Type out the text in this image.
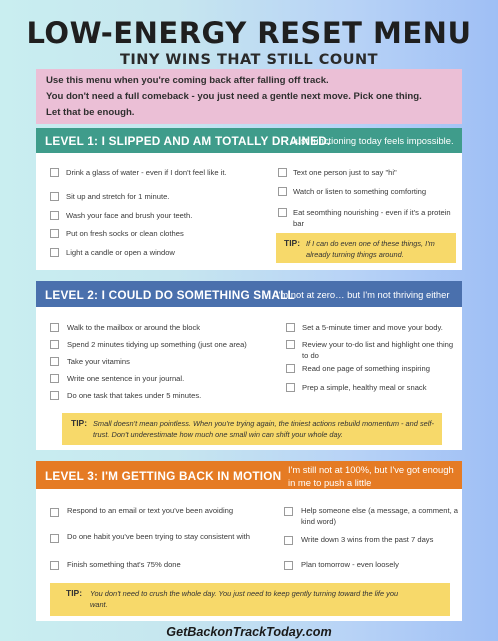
LOW-ENERGY RESET MENU
TINY WINS THAT STILL COUNT
Use this menu when you're coming back after falling off track.
You don't need a full comeback - you just need a gentle next move. Pick one thing.
Let that be enough.
LEVEL 1: I SLIPPED AND AM TOTALLY DRAINED.
Just functioning today feels impossible.
Drink a glass of water - even if I don't feel like it.
Sit up and stretch for 1 minute.
Wash your face and brush your teeth.
Put on fresh socks or clean clothes
Light a candle or open a window
Text one person just to say "hi"
Watch or listen to something comforting
Eat seomthing nourishing - even if it's a protein bar
TIP: If I can do even one of these things, I'm already turning things around.
LEVEL 2: I COULD DO SOMETHING SMALL
I'm not at zero… but I'm not thriving either
Walk to the mailbox or around the block
Spend 2 minutes tidying up something (just one area)
Take your vitamins
Write one sentence in your journal.
Do one task that takes under 5 minutes.
Set a 5-minute timer and move your body.
Review your to-do list and highlight one thing to do
Read one page of something inspiring
Prep a simple, healthy meal or snack
TIP: Small doesn't mean pointless. When you're trying again, the tiniest actions rebuild momentum - and self-trust. Don't underestimate how much one small win can shift your whole day.
LEVEL 3: I'M GETTING BACK IN MOTION I'm still not at 100%, but I've got enough in me to push a little
Respond to an email or text you've been avoiding
Do one habit you've been trying to stay consistent with
Finish something that's 75% done
Help someone else (a message, a comment, a kind word)
Write down 3 wins from the past 7 days
Plan tomorrow - even loosely
TIP: You don't need to crush the whole day. You just need to keep gently turning toward the life you want.
GetBackonTrackToday.com
